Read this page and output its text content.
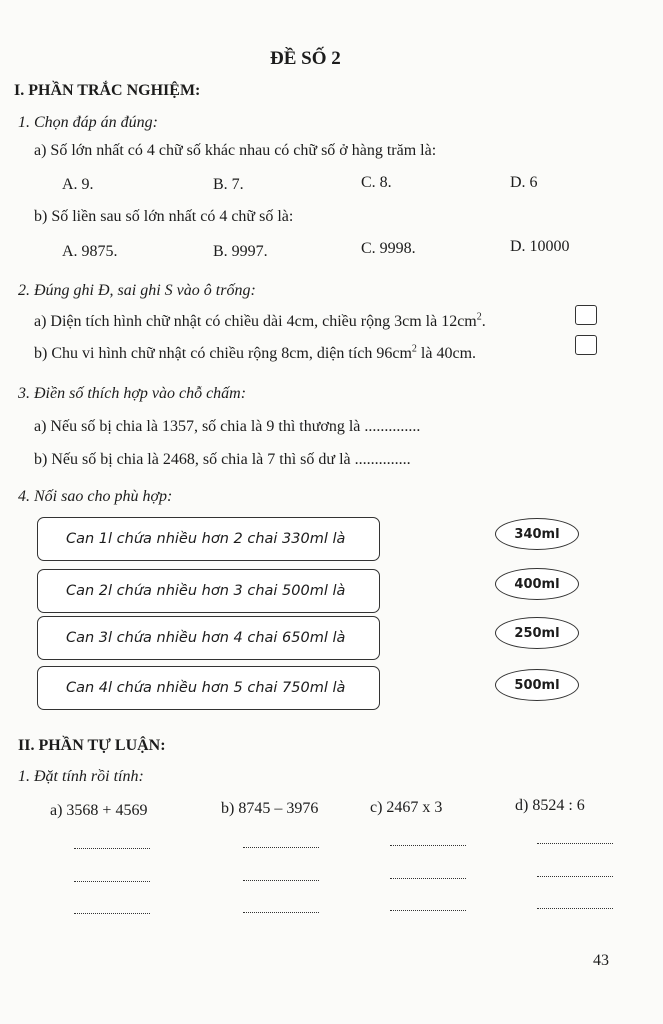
ĐỀ SỐ 2
I. PHẦN TRẮC NGHIỆM:
1. Chọn đáp án đúng:
a) Số lớn nhất có 4 chữ số khác nhau có chữ số ở hàng trăm là:
A. 9.	B. 7.	C. 8.	D. 6
b) Số liền sau số lớn nhất có 4 chữ số là:
A. 9875.	B. 9997.	C. 9998.	D. 10000
2. Đúng ghi Đ, sai ghi S vào ô trống:
a) Diện tích hình chữ nhật có chiều dài 4cm, chiều rộng 3cm là $12cm^2$.
b) Chu vi hình chữ nhật có chiều rộng 8cm, diện tích $96cm^2$ là 40cm.
3. Điền số thích hợp vào chỗ chấm:
a) Nếu số bị chia là 1357, số chia là 9 thì thương là ..............
b) Nếu số bị chia là 2468, số chia là 7 thì số dư là ..............
4. Nối sao cho phù hợp:
Can 1l chứa nhiều hơn 2 chai 330ml là
Can 2l chứa nhiều hơn 3 chai 500ml là
Can 3l chứa nhiều hơn 4 chai 650ml là
Can 4l chứa nhiều hơn 5 chai 750ml là
340ml
400ml
250ml
500ml
II. PHẦN TỰ LUẬN:
1. Đặt tính rồi tính:
a) 3568 + 4569	b) 8745 – 3976	c) 2467 x 3	d) 8524 : 6
43
